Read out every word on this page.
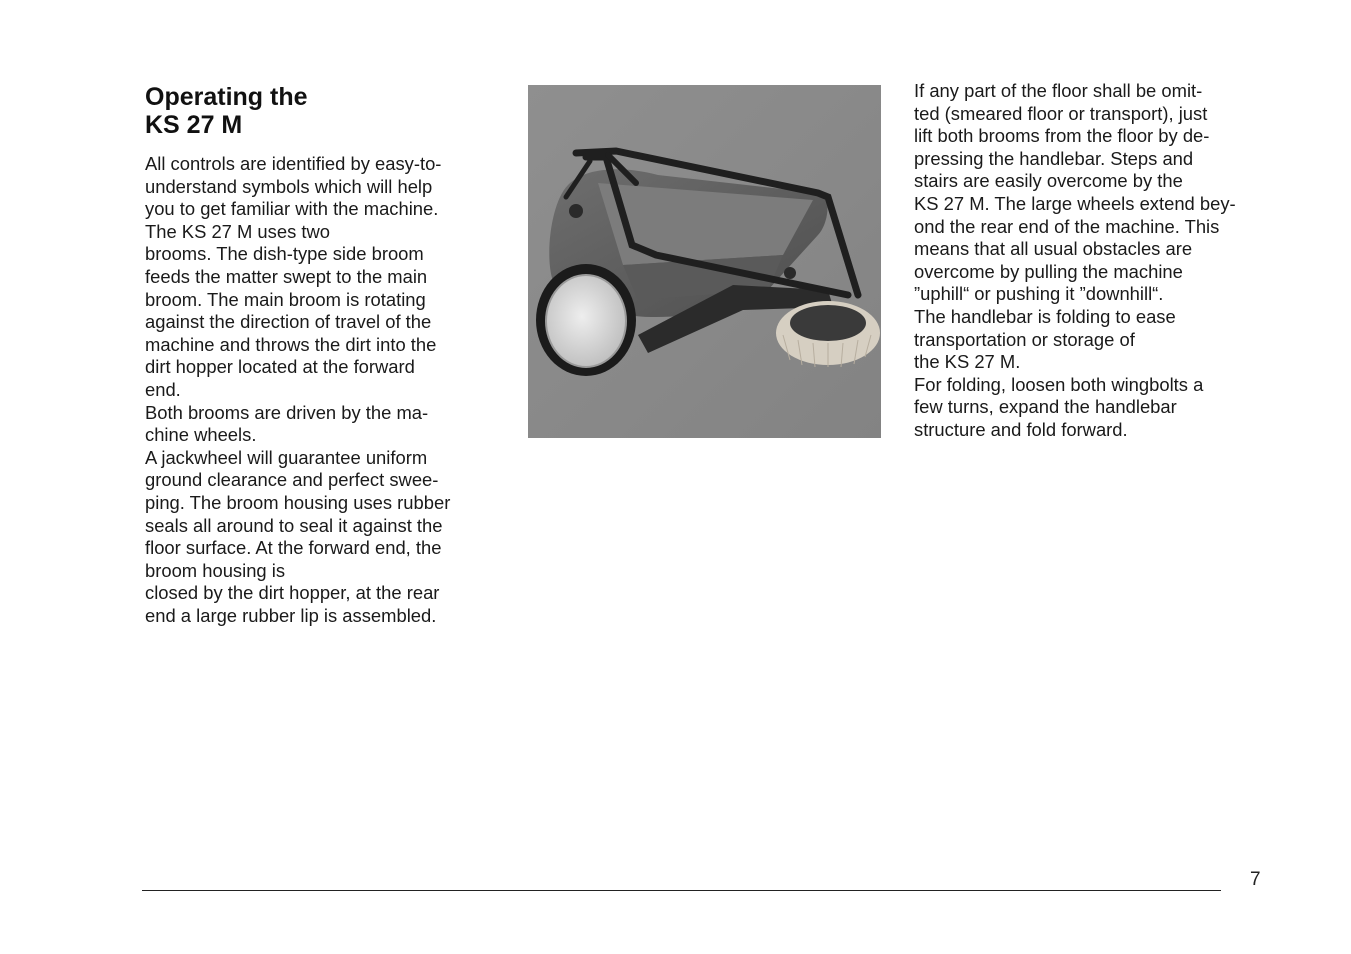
Operating the
KS 27 M
All controls are identified by easy-to-
understand symbols which will help
you to get familiar with the machine.
The KS 27 M uses two
brooms. The dish-type side broom
feeds the matter swept to the main
broom. The main broom is rotating
against the direction of travel of the
machine and throws the dirt into the
dirt hopper located at the forward
end.
Both brooms are driven by the ma-
chine wheels.
A jackwheel will guarantee uniform
ground clearance and perfect swee-
ping. The broom housing uses rubber
seals all around to seal it against the
floor surface. At the forward end, the
broom housing is
closed by the dirt hopper, at the rear
end a large rubber lip is assembled.
If any part of the floor shall be omit-
ted (smeared floor or transport), just
lift both brooms from the floor by de-
pressing the handlebar. Steps and
stairs are easily overcome by the
KS 27 M. The large wheels extend bey-
ond the rear end of the machine. This
means that all usual obstacles are
overcome by pulling the machine
”uphill“ or pushing it ”downhill“.
The handlebar is folding to ease
transportation or storage of
the KS 27 M.
For folding, loosen both wingbolts a
few turns, expand the handlebar
structure and fold forward.
7
